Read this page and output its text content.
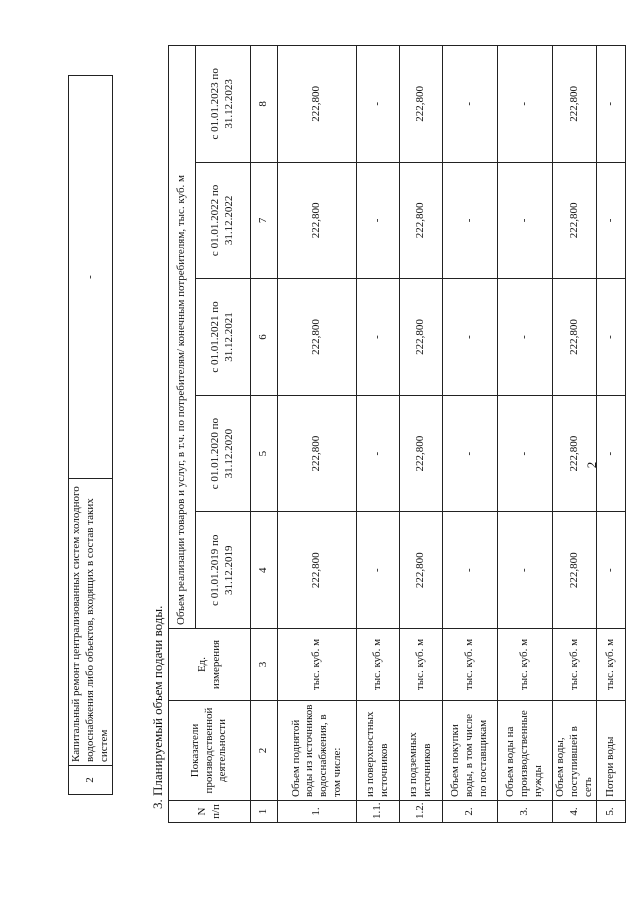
2
2	Капитальный ремонт централизованных систем холодного водоснабжения либо объектов, входящих в состав таких систем	-
3. Планируемый объем подачи воды.
N п/п	Показатели производственной деятельности	Ед. измерения	Объем реализации товаров и услуг, в т.ч. по потребителям/ конечным потребителям, тыс. куб. м				
			с 01.01.2019 по 31.12.2019	с 01.01.2020 по 31.12.2020	с 01.01.2021 по 31.12.2021	с 01.01.2022 по 31.12.2022	с 01.01.2023 по 31.12.2023
1	2	3	4	5	6	7	8
1.	Объем поднятой воды из источников водоснабжения, в том числе:	тыс. куб. м	222,800	222,800	222,800	222,800	222,800
1.1.	из поверхностных источников	тыс. куб. м	-	-	-	-	-
1.2.	из подземных источников	тыс. куб. м	222,800	222,800	222,800	222,800	222,800
2.	Объем покупки воды, в том числе по поставщикам	тыс. куб. м	-	-	-	-	-
3.	Объем воды на производственные нужды	тыс. куб. м	-	-	-	-	-
4.	Объем воды, поступившей в сеть	тыс. куб. м	222,800	222,800	222,800	222,800	222,800
5.	Потери воды	тыс. куб. м	-	-	-	-	-
